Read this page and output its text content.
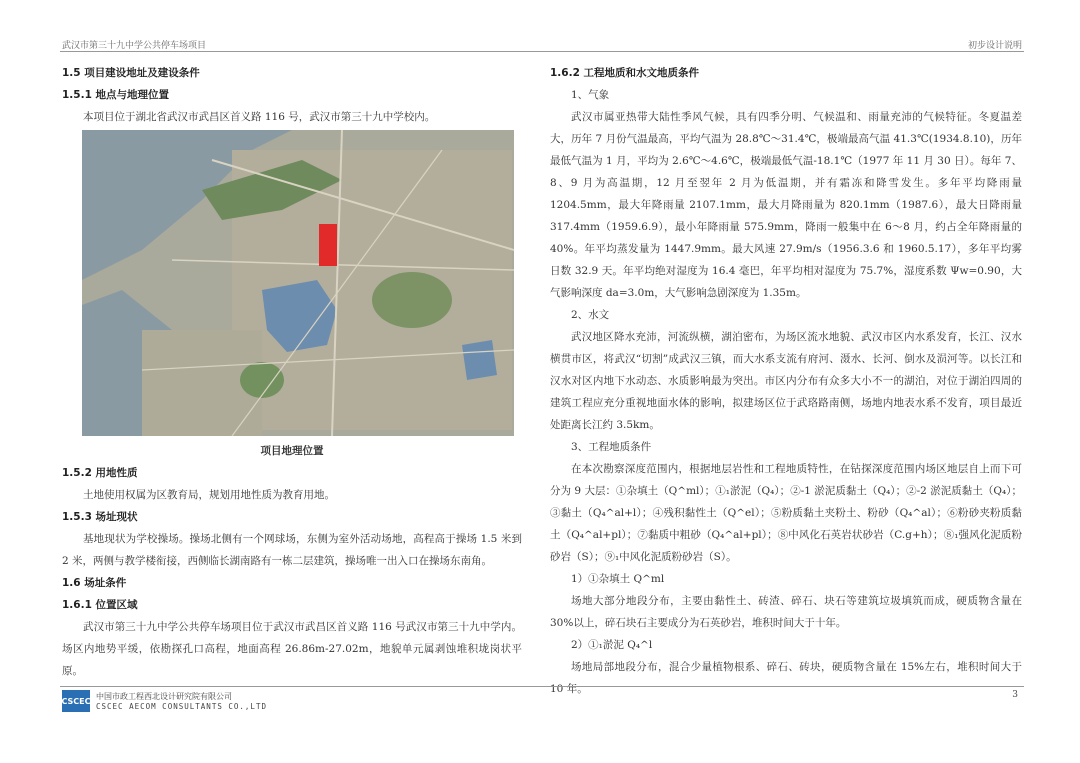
武汉市第三十九中学公共停车场项目	初步设计说明
1.5 项目建设地址及建设条件
1.5.1 地点与地理位置
本项目位于湖北省武汉市武昌区首义路 116 号，武汉市第三十九中学校内。
项目地理位置
1.5.2 用地性质
土地使用权属为区教育局，规划用地性质为教育用地。
1.5.3 场址现状
基地现状为学校操场。操场北侧有一个网球场，东侧为室外活动场地，高程高于操场 1.5 米到 2 米，两侧与教学楼衔接，西侧临长湖南路有一栋二层建筑，操场唯一出入口在操场东南角。
1.6 场址条件
1.6.1 位置区域
武汉市第三十九中学公共停车场项目位于武汉市武昌区首义路 116 号武汉市第三十九中学内。场区内地势平缓，依勘探孔口高程，地面高程 26.86m-27.02m，地貌单元属剥蚀堆积垅岗状平原。
1.6.2 工程地质和水文地质条件
1、气象
武汉市属亚热带大陆性季风气候，具有四季分明、气候温和、雨量充沛的气候特征。冬夏温差大，历年 7 月份气温最高，平均气温为 28.8℃～31.4℃，极端最高气温 41.3℃(1934.8.10)，历年最低气温为 1 月，平均为 2.6℃～4.6℃，极端最低气温-18.1℃（1977 年 11 月 30 日）。每年 7、8、9 月为高温期，12 月至翌年 2 月为低温期，并有霜冻和降雪发生。多年平均降雨量 1204.5mm，最大年降雨量 2107.1mm，最大月降雨量为 820.1mm（1987.6），最大日降雨量 317.4mm（1959.6.9），最小年降雨量 575.9mm，降雨一般集中在 6～8 月，约占全年降雨量的 40%。年平均蒸发量为 1447.9mm。最大风速 27.9m/s（1956.3.6 和 1960.5.17），多年平均雾日数 32.9 天。年平均绝对湿度为 16.4 毫巴，年平均相对湿度为 75.7%，湿度系数 Ψw=0.90，大气影响深度 da=3.0m，大气影响急剧深度为 1.35m。
2、水文
武汉地区降水充沛，河流纵横，湖泊密布，为场区流水地貌、武汉市区内水系发育，长江、汉水横贯市区，将武汉“切割”成武汉三镇，而大水系支流有府河、滠水、长河、倒水及涢河等。以长江和汉水对区内地下水动态、水质影响最为突出。市区内分布有众多大小不一的湖泊，对位于湖泊四周的建筑工程应充分重视地面水体的影响，拟建场区位于武珞路南侧，场地内地表水系不发育，项目最近处距离长江约 3.5km。
3、工程地质条件
在本次勘察深度范围内，根据地层岩性和工程地质特性，在钻探深度范围内场区地层自上而下可分为 9 大层：①杂填土（Q^ml）；①₁淤泥（Q₄）；②-1 淤泥质黏土（Q₄）；②-2 淤泥质黏土（Q₄）；③黏土（Q₄^al+l）；④残积黏性土（Q^el）；⑤粉质黏土夹粉土、粉砂（Q₄^al）；⑥粉砂夹粉质黏土（Q₄^al+pl）；⑦黏质中粗砂（Q₄^al+pl）；⑧中风化石英岩状砂岩（C.g+h）；⑧₁强风化泥质粉砂岩（S）；⑨₁中风化泥质粉砂岩（S）。
1）①杂填土 Q^ml
场地大部分地段分布，主要由黏性土、砖渣、碎石、块石等建筑垃圾填筑而成，硬质物含量在 30%以上，碎石块石主要成分为石英砂岩，堆积时间大于十年。
2）①₁淤泥 Q₄^l
场地局部地段分布，混合少量植物根系、碎石、砖块，硬质物含量在 15%左右，堆积时间大于 10 年。
CSCEC 中国市政工程西北设计研究院有限公司
CSCEC AECOM CONSULTANTS CO.,LTD
3
